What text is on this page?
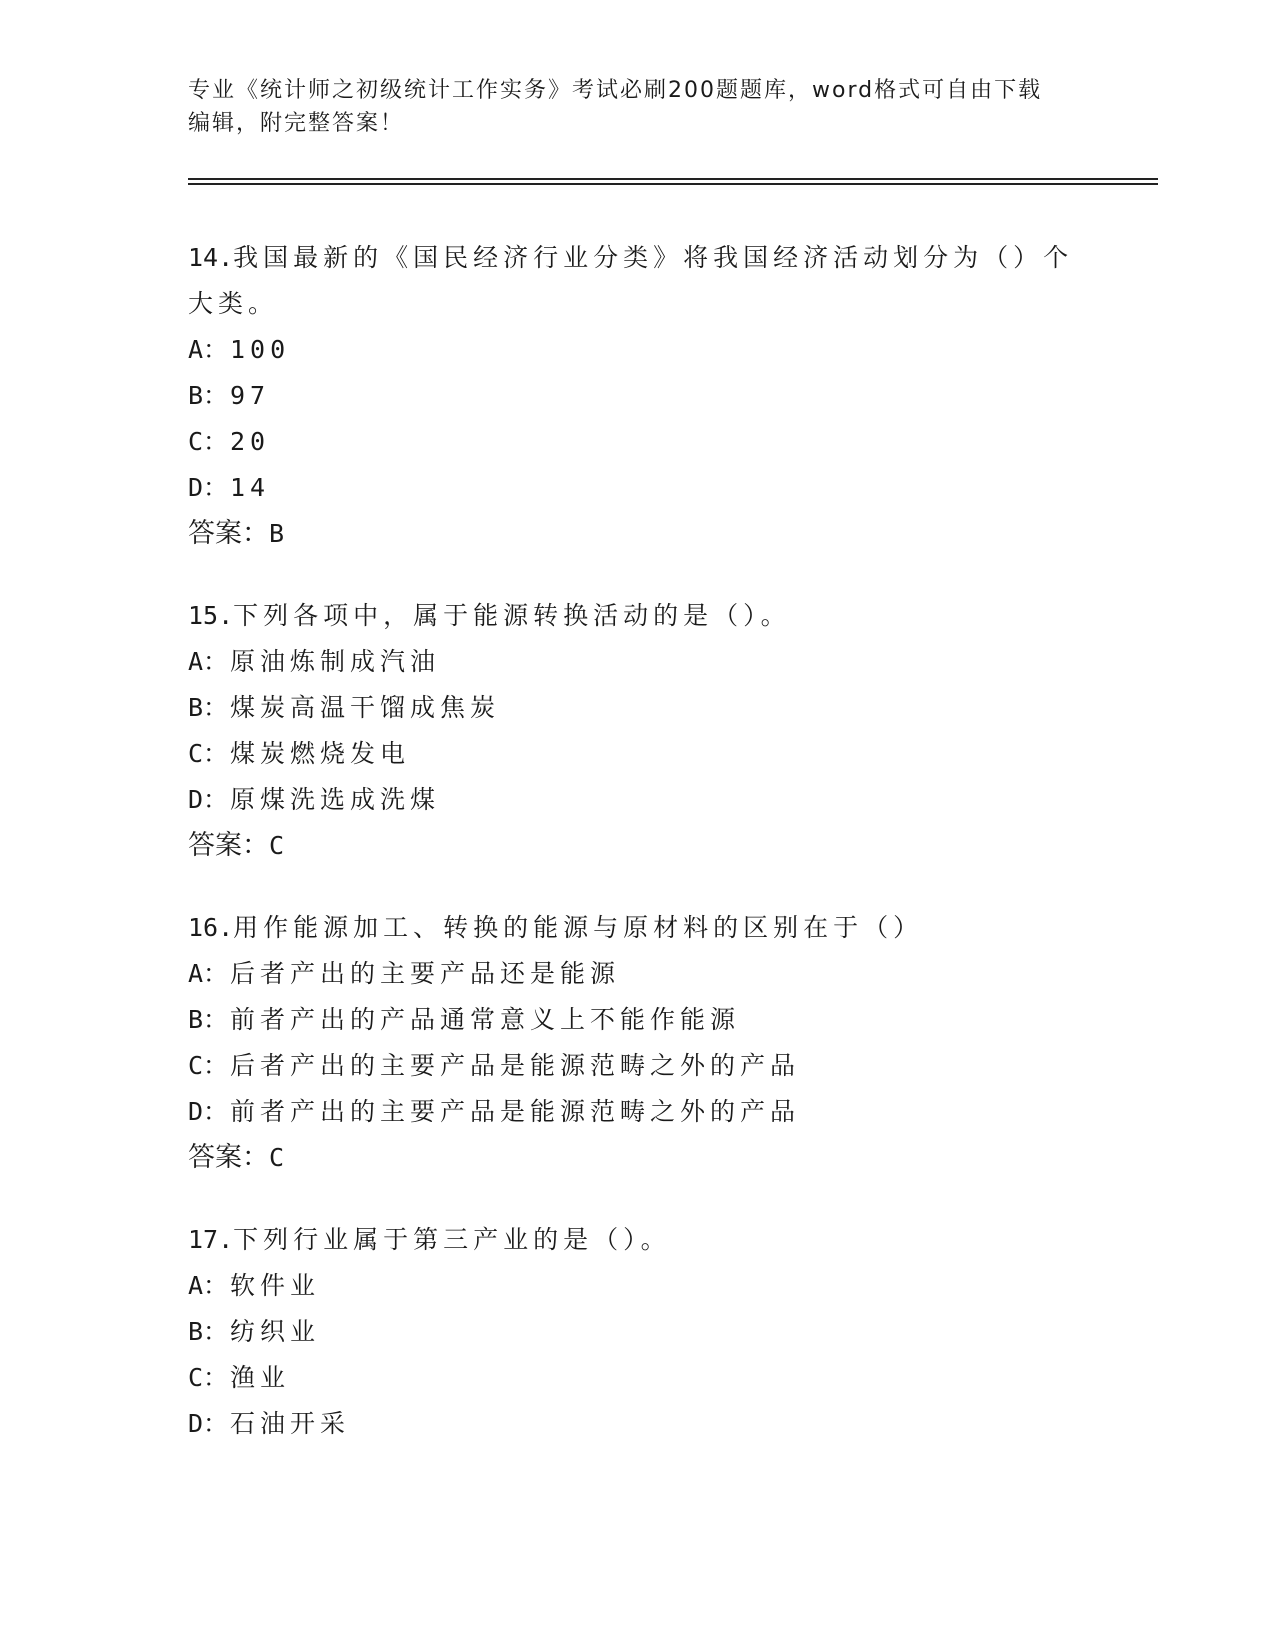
专业《统计师之初级统计工作实务》考试必刷200题题库，word格式可自由下载
编辑，附完整答案！
14.我国最新的《国民经济行业分类》将我国经济活动划分为（）个大类。
A：100
B：97
C：20
D：14
答案：B
15.下列各项中，属于能源转换活动的是（）。
A：原油炼制成汽油
B：煤炭高温干馏成焦炭
C：煤炭燃烧发电
D：原煤洗选成洗煤
答案：C
16.用作能源加工、转换的能源与原材料的区别在于（）
A：后者产出的主要产品还是能源
B：前者产出的产品通常意义上不能作能源
C：后者产出的主要产品是能源范畴之外的产品
D：前者产出的主要产品是能源范畴之外的产品
答案：C
17.下列行业属于第三产业的是（）。
A：软件业
B：纺织业
C：渔业
D：石油开采
